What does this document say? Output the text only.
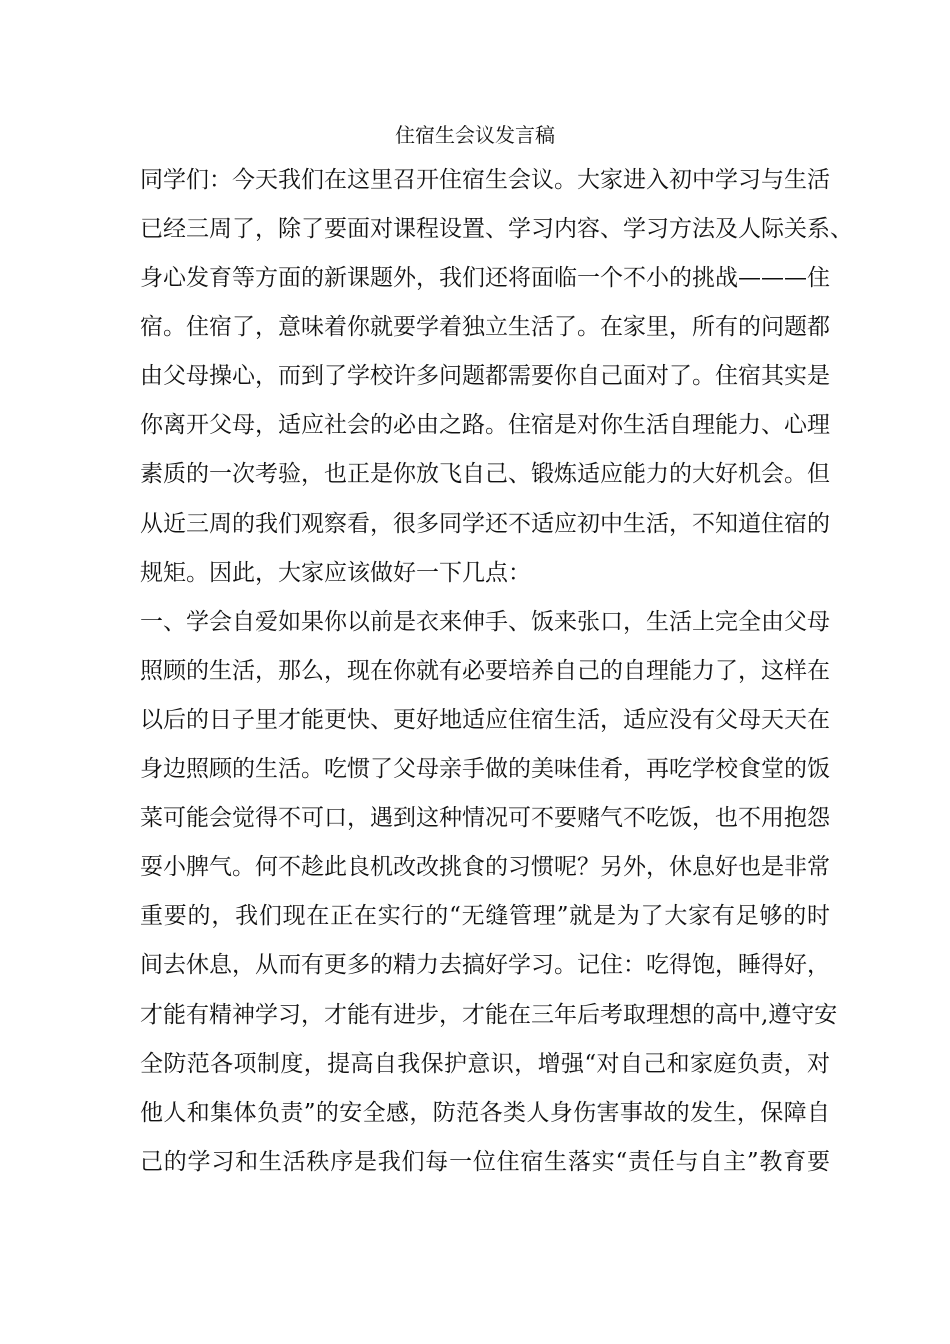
住宿生会议发言稿
同学们：今天我们在这里召开住宿生会议。大家进入初中学习与生活
已经三周了，除了要面对课程设置、学习内容、学习方法及人际关系、
身心发育等方面的新课题外，我们还将面临一个不小的挑战———住
宿。住宿了，意味着你就要学着独立生活了。在家里，所有的问题都
由父母操心，而到了学校许多问题都需要你自己面对了。住宿其实是
你离开父母，适应社会的必由之路。住宿是对你生活自理能力、心理
素质的一次考验，也正是你放飞自己、锻炼适应能力的大好机会。但
从近三周的我们观察看，很多同学还不适应初中生活，不知道住宿的
规矩。因此，大家应该做好一下几点：
一、学会自爱如果你以前是衣来伸手、饭来张口，生活上完全由父母
照顾的生活，那么，现在你就有必要培养自己的自理能力了，这样在
以后的日子里才能更快、更好地适应住宿生活，适应没有父母天天在
身边照顾的生活。吃惯了父母亲手做的美味佳肴，再吃学校食堂的饭
菜可能会觉得不可口，遇到这种情况可不要赌气不吃饭，也不用抱怨
耍小脾气。何不趁此良机改改挑食的习惯呢？另外，休息好也是非常
重要的，我们现在正在实行的“无缝管理”就是为了大家有足够的时
间去休息，从而有更多的精力去搞好学习。记住：吃得饱，睡得好，
才能有精神学习，才能有进步，才能在三年后考取理想的高中,遵守安
全防范各项制度，提高自我保护意识，增强“对自己和家庭负责，对
他人和集体负责”的安全感，防范各类人身伤害事故的发生，保障自
己的学习和生活秩序是我们每一位住宿生落实“责任与自主”教育要
